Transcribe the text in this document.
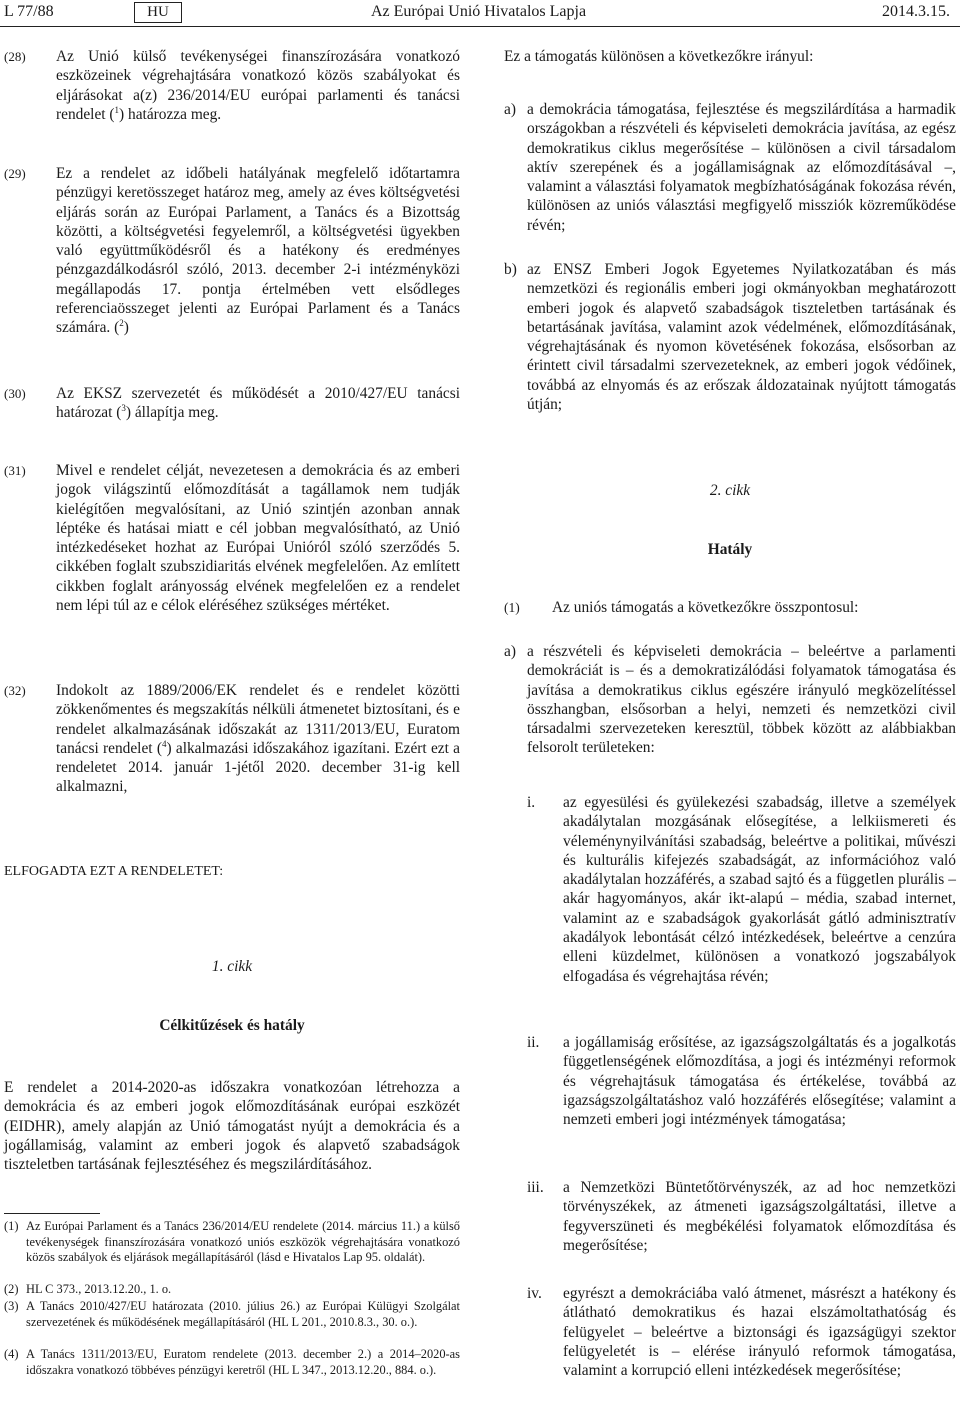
L 77/88	HU	Az Európai Unió Hivatalos Lapja	2014.3.15.
(28) Az Unió külső tevékenységei finanszírozására vonatkozó eszközeinek végrehajtására vonatkozó közös szabályokat és eljárásokat a(z) 236/2014/EU európai parlamenti és tanácsi rendelet ($^1$) határozza meg.
(29) Ez a rendelet az időbeli hatályának megfelelő időtartamra pénzügyi keretösszeget határoz meg, amely az éves költségvetési eljárás során az Európai Parlament, a Tanács és a Bizottság közötti, a költségvetési fegyelemről, a költségvetési ügyekben való együttműködésről és a hatékony és eredményes pénzgazdálkodásról szóló, 2013. december 2-i intézményközi megállapodás 17. pontja értelmében vett elsődleges referenciaösszeget jelenti az Európai Parlament és a Tanács számára. ($^2$)
(30) Az EKSZ szervezetét és működését a 2010/427/EU tanácsi határozat ($^3$) állapítja meg.
Ez a támogatás különösen a következőkre irányul:
a) a demokrácia támogatása, fejlesztése és megszilárdítása a harmadik országokban a részvételi és képviseleti demokrácia javítása, az egész demokratikus ciklus megerősítése – különösen a civil társadalom aktív szerepének és a jogállamiságnak az előmozdításával –, valamint a választási folyamatok megbízhatóságának fokozása révén, különösen az uniós választási megfigyelő missziók közreműködése révén;
b) az ENSZ Emberi Jogok Egyetemes Nyilatkozatában és más nemzetközi és regionális emberi jogi okmányokban meghatározott emberi jogok és alapvető szabadságok tiszteletben tartásának és betartásának javítása, valamint azok védelmének, előmozdításának, végrehajtásának és nyomon követésének fokozása, elsősorban az érintett civil társadalmi szervezeteknek, az emberi jogok védőinek, továbbá az elnyomás és az erőszak áldozatainak nyújtott támogatás útján;
(31) Mivel e rendelet célját, nevezetesen a demokrácia és az emberi jogok világszintű előmozdítását a tagállamok nem tudják kielégítően megvalósítani, az Unió szintjén azonban annak léptéke és hatásai miatt e cél jobban megvalósítható, az Unió intézkedéseket hozhat az Európai Unióról szóló szerződés 5. cikkében foglalt szubszidiaritás elvének megfelelően. Az említett cikkben foglalt arányosság elvének megfelelően ez a rendelet nem lépi túl az e célok eléréséhez szükséges mértéket.
(32) Indokolt az 1889/2006/EK rendelet és e rendelet közötti zökkenőmentes és megszakítás nélküli átmenetet biztosítani, és e rendelet alkalmazásának időszakát az 1311/2013/EU, Euratom tanácsi rendelet ($^4$) alkalmazási időszakához igazítani. Ezért ezt a rendeletet 2014. január 1-jétől 2020. december 31-ig kell alkalmazni,
ELFOGADTA EZT A RENDELETET:
1. cikk
Célkitűzések és hatály
E rendelet a 2014-2020-as időszakra vonatkozóan létrehozza a demokrácia és az emberi jogok előmozdításának európai eszközét (EIDHR), amely alapján az Unió támogatást nyújt a demokrácia és a jogállamiság, valamint az emberi jogok és alapvető szabadságok tiszteletben tartásának fejlesztéséhez és megszilárdításához.
(1) Az Európai Parlament és a Tanács 236/2014/EU rendelete (2014. március 11.) a külső tevékenységek finanszírozására vonatkozó uniós eszközök végrehajtására vonatkozó közös szabályok és eljárások megállapításáról (lásd e Hivatalos Lap 95. oldalát).
(2) HL C 373., 2013.12.20., 1. o.
(3) A Tanács 2010/427/EU határozata (2010. július 26.) az Európai Külügyi Szolgálat szervezetének és működésének megállapításáról (HL L 201., 2010.8.3., 30. o.).
(4) A Tanács 1311/2013/EU, Euratom rendelete (2013. december 2.) a 2014–2020-as időszakra vonatkozó többéves pénzügyi keretről (HL L 347., 2013.12.20., 884. o.).
2. cikk
Hatály
(1) Az uniós támogatás a következőkre összpontosul:
a) a részvételi és képviseleti demokrácia – beleértve a parlamenti demokráciát is – és a demokratizálódási folyamatok támogatása és javítása a demokratikus ciklus egészére irányuló megközelítéssel összhangban, elsősorban a helyi, nemzeti és nemzetközi civil társadalmi szervezeteken keresztül, többek között az alábbiakban felsorolt területeken:
i. az egyesülési és gyülekezési szabadság, illetve a személyek akadálytalan mozgásának elősegítése, a lelkiismereti és véleménynyilvánítási szabadság, beleértve a politikai, művészi és kulturális kifejezés szabadságát, az információhoz való akadálytalan hozzáférés, a szabad sajtó és a független plurális – akár hagyományos, akár ikt-alapú – média, szabad internet, valamint az e szabadságok gyakorlását gátló adminisztratív akadályok lebontását célzó intézkedések, beleértve a cenzúra elleni küzdelmet, különösen a vonatkozó jogszabályok elfogadása és végrehajtása révén;
ii. a jogállamiság erősítése, az igazságszolgáltatás és a jogalkotás függetlenségének előmozdítása, a jogi és intézményi reformok és végrehajtásuk támogatása és értékelése, továbbá az igazságszolgáltatáshoz való hozzáférés elősegítése; valamint a nemzeti emberi jogi intézmények támogatása;
iii. a Nemzetközi Büntetőtörvényszék, az ad hoc nemzetközi törvényszékek, az átmeneti igazságszolgáltatási, illetve a fegyverszüneti és megbékélési folyamatok előmozdítása és megerősítése;
iv. egyrészt a demokráciába való átmenet, másrészt a hatékony és átlátható demokratikus és hazai elszámoltathatóság és felügyelet – beleértve a biztonsági és igazságügyi szektor felügyeletét is – elérése irányuló reformok támogatása, valamint a korrupció elleni intézkedések megerősítése;
